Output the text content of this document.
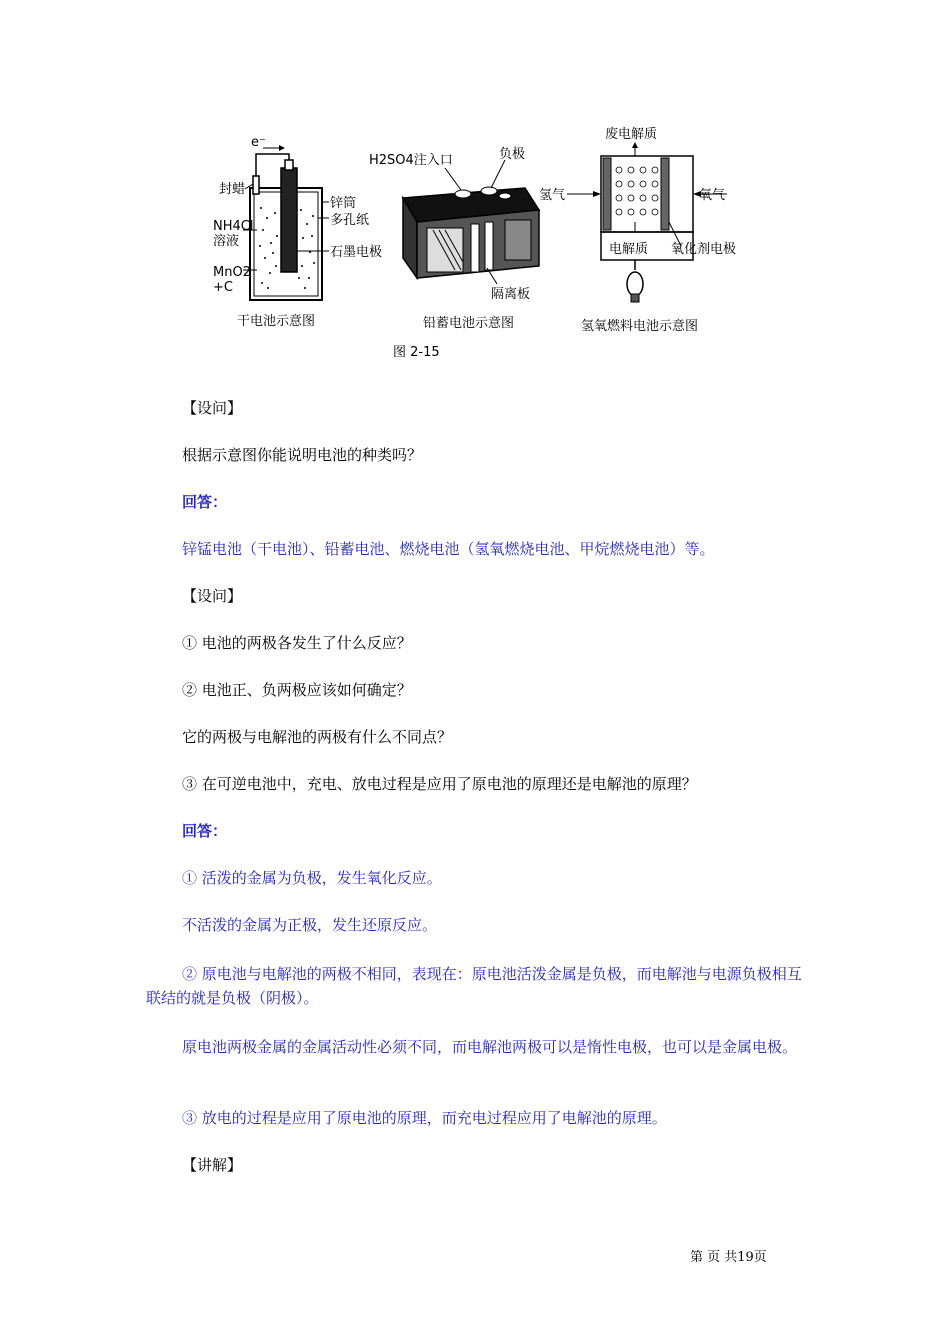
e⁻
封蜡
锌筒
多孔纸
NH4Cl
溶液
石墨电极
MnO2
+C
干电池示意图
H2SO4注入口	负极
隔离板
铅蓄电池示意图
废电解质
氢气	氧气
电解质 氧化剂电极
氢氧燃料电池示意图
图 2-15
【设问】
根据示意图你能说明电池的种类吗？
回答：
锌锰电池（干电池）、铅蓄电池、燃烧电池（氢氧燃烧电池、甲烷燃烧电池）等。
【设问】
① 电池的两极各发生了什么反应？
② 电池正、负两极应该如何确定？
它的两极与电解池的两极有什么不同点？
③ 在可逆电池中，充电、放电过程是应用了原电池的原理还是电解池的原理？
回答：
① 活泼的金属为负极，发生氧化反应。
不活泼的金属为正极，发生还原反应。
② 原电池与电解池的两极不相同，表现在：原电池活泼金属是负极，而电解池与电源负极相互联结的就是负极（阴极）。
原电池两极金属的金属活动性必须不同，而电解池两极可以是惰性电极，也可以是金属电极。
③ 放电的过程是应用了原电池的原理，而充电过程应用了电解池的原理。
【讲解】
第 页 共19页
